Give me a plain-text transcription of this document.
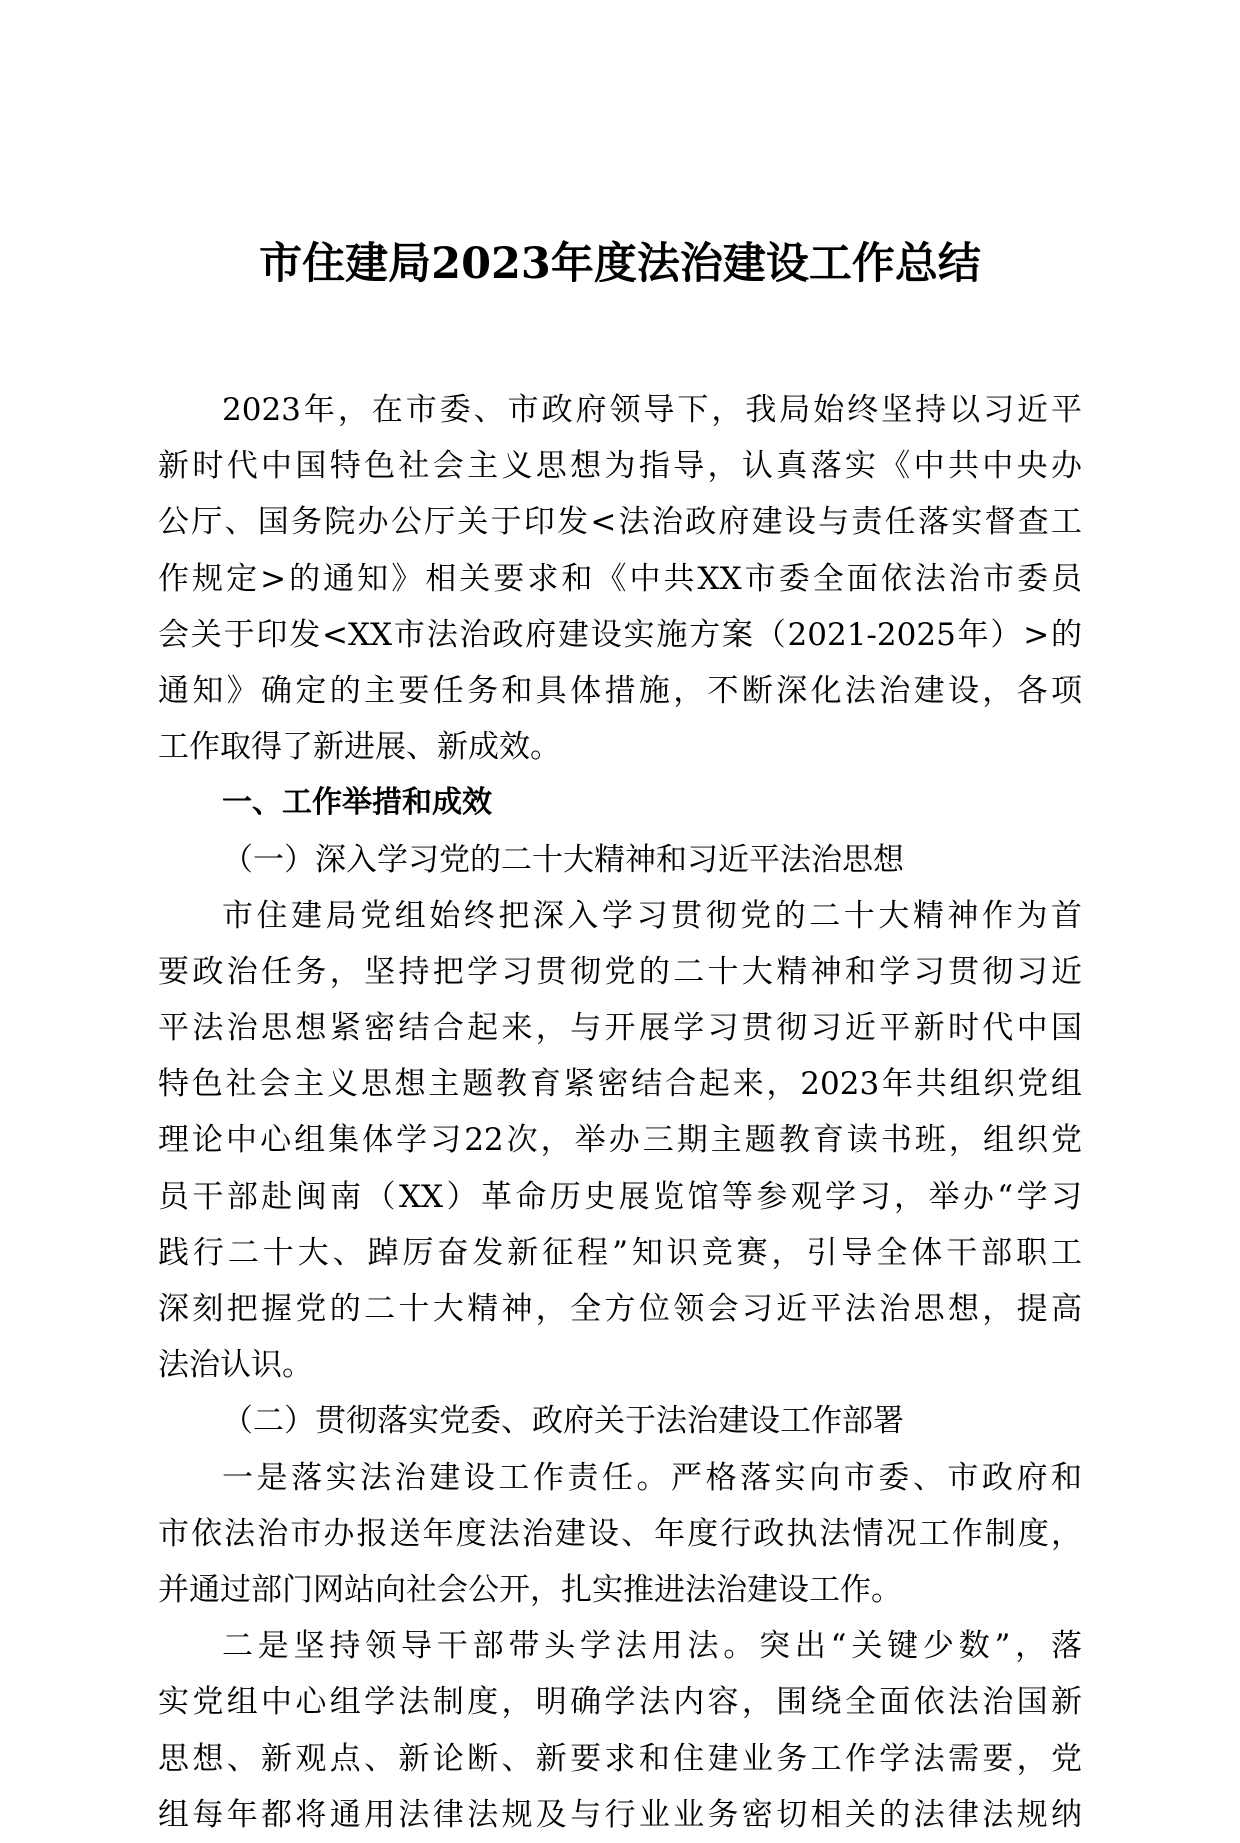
市住建局2023年度法治建设工作总结
2023年，在市委、市政府领导下，我局始终坚持以习近平
新时代中国特色社会主义思想为指导，认真落实《中共中央办
公厅、国务院办公厅关于印发<法治政府建设与责任落实督查工
作规定>的通知》相关要求和《中共XX市委全面依法治市委员
会关于印发<XX市法治政府建设实施方案（2021-2025年）>的
通知》确定的主要任务和具体措施，不断深化法治建设，各项
工作取得了新进展、新成效。
一、工作举措和成效
（一）深入学习党的二十大精神和习近平法治思想
市住建局党组始终把深入学习贯彻党的二十大精神作为首
要政治任务，坚持把学习贯彻党的二十大精神和学习贯彻习近
平法治思想紧密结合起来，与开展学习贯彻习近平新时代中国
特色社会主义思想主题教育紧密结合起来，2023年共组织党组
理论中心组集体学习22次，举办三期主题教育读书班，组织党
员干部赴闽南（XX）革命历史展览馆等参观学习，举办“学习
践行二十大、踔厉奋发新征程”知识竞赛，引导全体干部职工
深刻把握党的二十大精神，全方位领会习近平法治思想，提高
法治认识。
（二）贯彻落实党委、政府关于法治建设工作部署
一是落实法治建设工作责任。严格落实向市委、市政府和
市依法治市办报送年度法治建设、年度行政执法情况工作制度，
并通过部门网站向社会公开，扎实推进法治建设工作。
二是坚持领导干部带头学法用法。突出“关键少数”，落
实党组中心组学法制度，明确学法内容，围绕全面依法治国新
思想、新观点、新论断、新要求和住建业务工作学法需要，党
组每年都将通用法律法规及与行业业务密切相关的法律法规纳
